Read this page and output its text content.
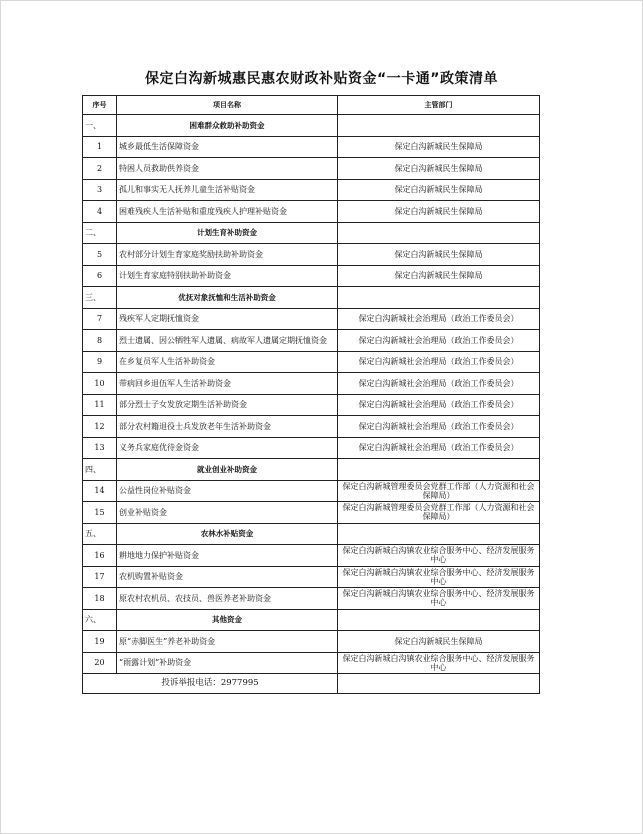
保定白沟新城惠民惠农财政补贴资金“一卡通”政策清单
序号	项目名称	主管部门
一、	困难群众救助补助资金	
1	城乡最低生活保障资金	保定白沟新城民生保障局
2	特困人员救助供养资金	保定白沟新城民生保障局
3	孤儿和事实无人抚养儿童生活补贴资金	保定白沟新城民生保障局
4	困难残疾人生活补贴和重度残疾人护理补贴资金	保定白沟新城民生保障局
二、	计划生育补助资金	
5	农村部分计划生育家庭奖励扶助补助资金	保定白沟新城民生保障局
6	计划生育家庭特别扶助补助资金	保定白沟新城民生保障局
三、	优抚对象抚恤和生活补助资金	
7	残疾军人定期抚恤资金	保定白沟新城社会治理局（政治工作委员会）
8	烈士遗属、因公牺牲军人遗属、病故军人遗属定期抚恤资金	保定白沟新城社会治理局（政治工作委员会）
9	在乡复员军人生活补助资金	保定白沟新城社会治理局（政治工作委员会）
10	带病回乡退伍军人生活补助资金	保定白沟新城社会治理局（政治工作委员会）
11	部分烈士子女发放定期生活补助资金	保定白沟新城社会治理局（政治工作委员会）
12	部分农村籍退役士兵发放老年生活补助资金	保定白沟新城社会治理局（政治工作委员会）
13	义务兵家庭优待金资金	保定白沟新城社会治理局（政治工作委员会）
四、	就业创业补助资金	
14	公益性岗位补贴资金	保定白沟新城管理委员会党群工作部（人力资源和社会保障局）
15	创业补贴资金	保定白沟新城管理委员会党群工作部（人力资源和社会保障局）
五、	农林水补贴资金	
16	耕地地力保护补贴资金	保定白沟新城白沟镇农业综合服务中心、经济发展服务中心
17	农机购置补贴资金	保定白沟新城白沟镇农业综合服务中心、经济发展服务中心
18	原农村农机员、农技员、兽医养老补助资金	保定白沟新城白沟镇农业综合服务中心、经济发展服务中心
六、	其他资金	
19	原“赤脚医生”养老补助资金	保定白沟新城民生保障局
20	“雨露计划”补助资金	保定白沟新城白沟镇农业综合服务中心、经济发展服务中心
投诉举报电话：2977995		
